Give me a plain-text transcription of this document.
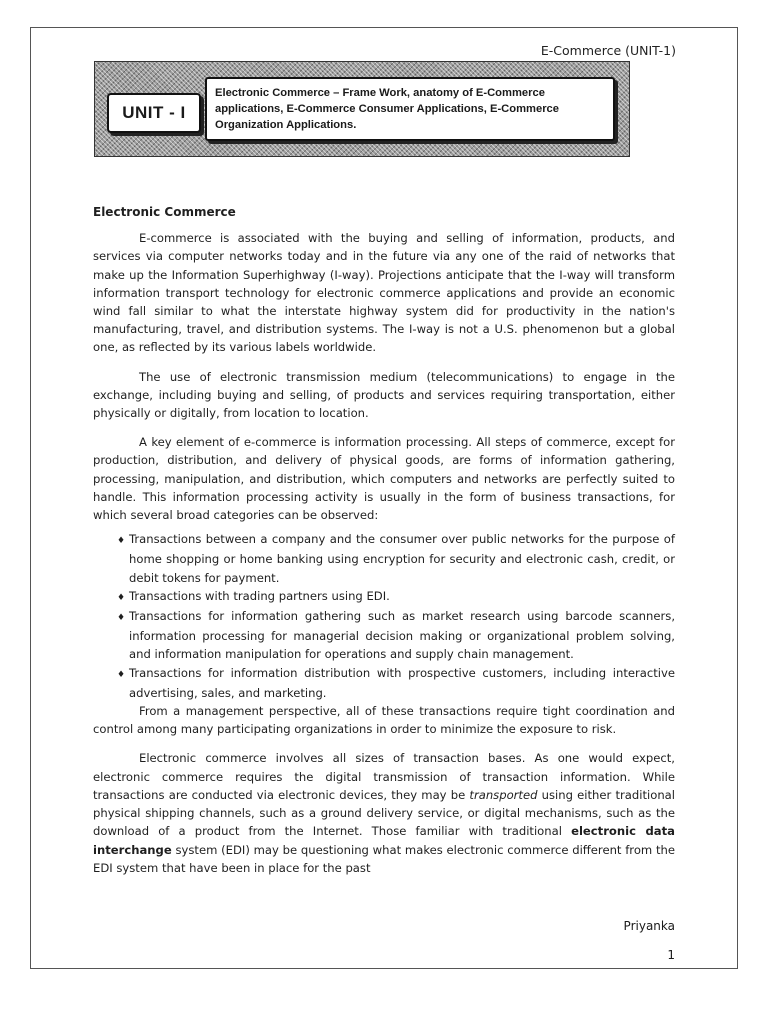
E-Commerce (UNIT-1)
UNIT - I
Electronic Commerce – Frame Work, anatomy of E-Commerce
applications, E-Commerce Consumer Applications, E-Commerce
Organization Applications.
Electronic Commerce

E-commerce is associated with the buying and selling of information, products, and services via computer networks today and in the future via any one of the raid of networks that make up the Information Superhighway (I-way). Projections anticipate that the I-way will transform information transport technology for electronic commerce applications and provide an economic wind fall similar to what the interstate highway system did for productivity in the nation's manufacturing, travel, and distribution systems. The I-way is not a U.S. phenomenon but a global one, as reflected by its various labels worldwide.

The use of electronic transmission medium (telecommunications) to engage in the exchange, including buying and selling, of products and services requiring transportation, either physically or digitally, from location to location.

A key element of e-commerce is information processing. All steps of commerce, except for production, distribution, and delivery of physical goods, are forms of information gathering, processing, manipulation, and distribution, which computers and networks are perfectly suited to handle. This information processing activity is usually in the form of business transactions, for which several broad categories can be observed:

♦ Transactions between a company and the consumer over public networks for the purpose of home shopping or home banking using encryption for security and electronic cash, credit, or debit tokens for payment.
♦ Transactions with trading partners using EDI.
♦ Transactions for information gathering such as market research using barcode scanners, information processing for managerial decision making or organizational problem solving, and information manipulation for operations and supply chain management.
♦ Transactions for information distribution with prospective customers, including interactive advertising, sales, and marketing.

From a management perspective, all of these transactions require tight coordination and control among many participating organizations in order to minimize the exposure to risk.

Electronic commerce involves all sizes of transaction bases. As one would expect, electronic commerce requires the digital transmission of transaction information. While transactions are conducted via electronic devices, they may be transported using either traditional physical shipping channels, such as a ground delivery service, or digital mechanisms, such as the download of a product from the Internet. Those familiar with traditional electronic data interchange system (EDI) may be questioning what makes electronic commerce different from the EDI system that have been in place for the past

Priyanka
1
